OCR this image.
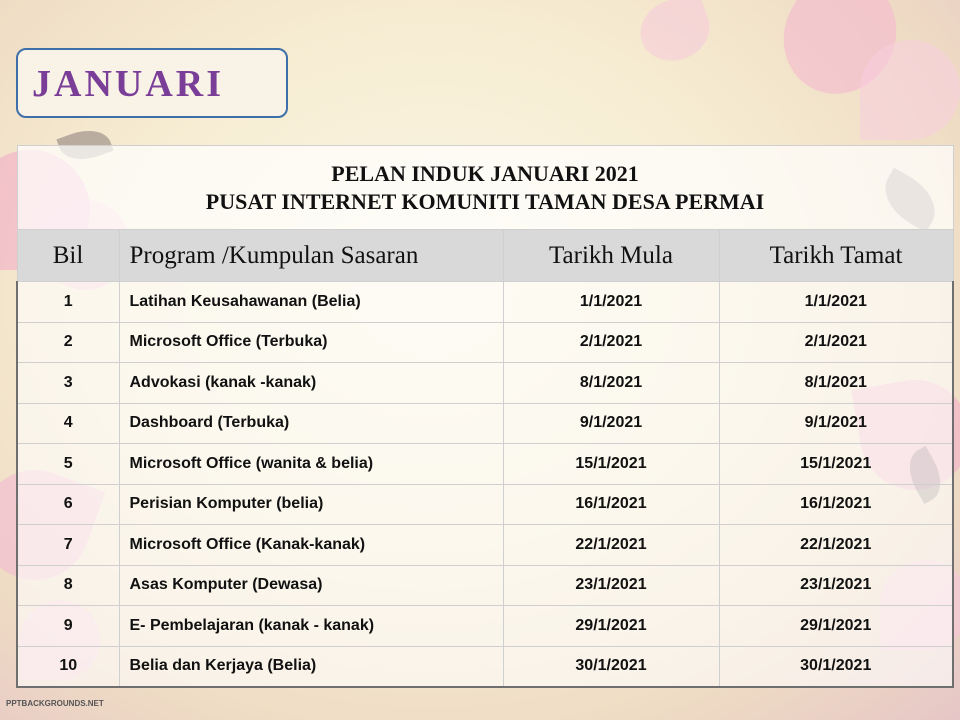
JANUARI
PELAN INDUK JANUARI 2021
PUSAT INTERNET KOMUNITI TAMAN DESA PERMAI			

Bil	Program /Kumpulan Sasaran	Tarikh Mula	Tarikh Tamat
1	Latihan Keusahawanan (Belia)	1/1/2021	1/1/2021
2	Microsoft Office (Terbuka)	2/1/2021	2/1/2021
3	Advokasi (kanak -kanak)	8/1/2021	8/1/2021
4	Dashboard (Terbuka)	9/1/2021	9/1/2021
5	Microsoft Office (wanita & belia)	15/1/2021	15/1/2021
6	Perisian Komputer (belia)	16/1/2021	16/1/2021
7	Microsoft Office (Kanak-kanak)	22/1/2021	22/1/2021
8	Asas Komputer (Dewasa)	23/1/2021	23/1/2021
9	E- Pembelajaran (kanak - kanak)	29/1/2021	29/1/2021
10	Belia dan Kerjaya (Belia)	30/1/2021	30/1/2021
PPTBACKGROUNDS.NET
